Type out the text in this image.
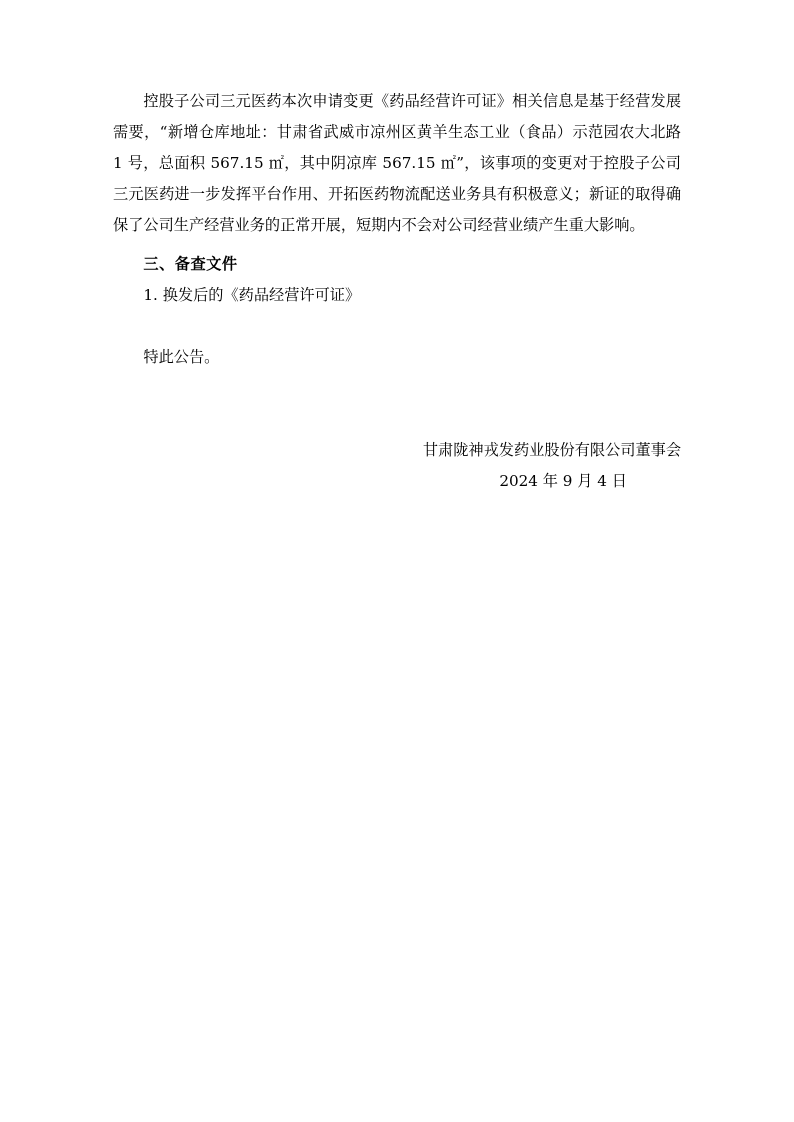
控股子公司三元医药本次申请变更《药品经营许可证》相关信息是基于经营发展需要，“新增仓库地址：甘肃省武威市凉州区黄羊生态工业（食品）示范园农大北路 1 号，总面积 567.15 ㎡，其中阴凉库 567.15 ㎡”，该事项的变更对于控股子公司三元医药进一步发挥平台作用、开拓医药物流配送业务具有积极意义；新证的取得确保了公司生产经营业务的正常开展，短期内不会对公司经营业绩产生重大影响。

三、备查文件

1. 换发后的《药品经营许可证》

特此公告。

甘肃陇神戎发药业股份有限公司董事会

2024 年 9 月 4 日
